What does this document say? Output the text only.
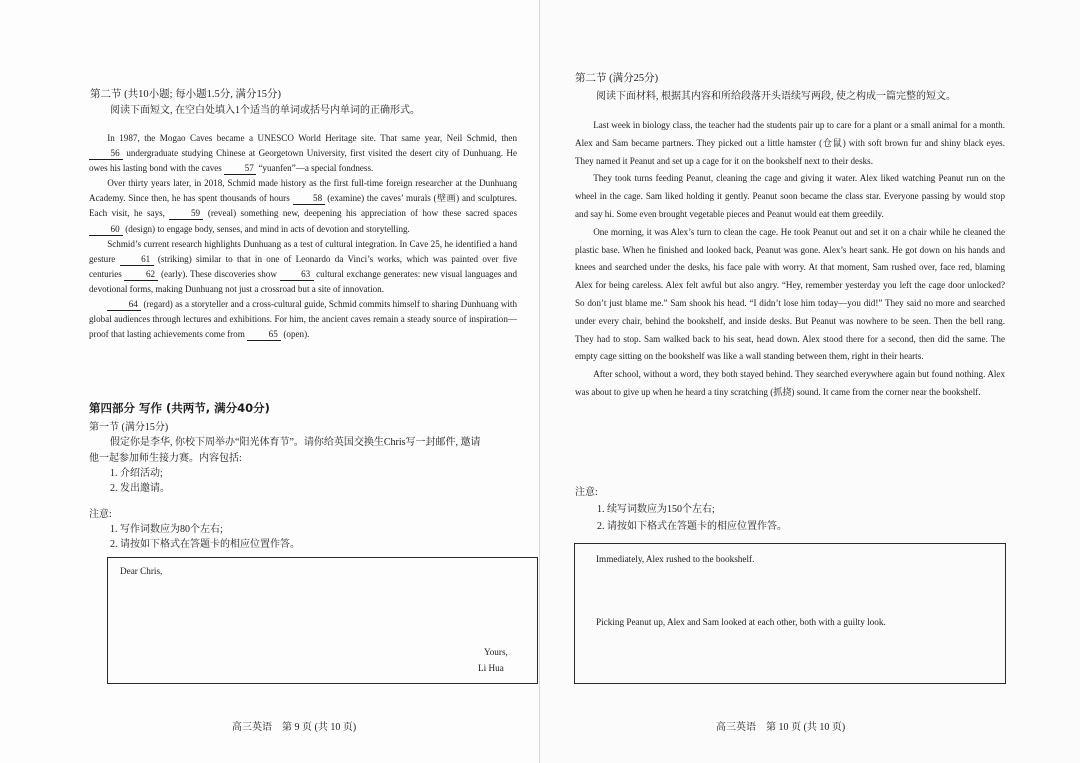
第二节 (共10小题; 每小题1.5分, 满分15分)
阅读下面短文, 在空白处填入1个适当的单词或括号内单词的正确形式。

In 1987, the Mogao Caves became a UNESCO World Heritage site. That same year, Neil Schmid, then 56 undergraduate studying Chinese at Georgetown University, first visited the desert city of Dunhuang. He owes his lasting bond with the caves 57 “yuanfen”—a special fondness.

Over thirty years later, in 2018, Schmid made history as the first full-time foreign researcher at the Dunhuang Academy. Since then, he has spent thousands of hours 58 (examine) the caves’ murals (壁画) and sculptures. Each visit, he says, 59 (reveal) something new, deepening his appreciation of how these sacred spaces 60 (design) to engage body, senses, and mind in acts of devotion and storytelling.

Schmid’s current research highlights Dunhuang as a test of cultural integration. In Cave 25, he identified a hand gesture 61 (striking) similar to that in one of Leonardo da Vinci’s works, which was painted over five centuries 62 (early). These discoveries show 63 cultural exchange generates: new visual languages and devotional forms, making Dunhuang not just a crossroad but a site of innovation.

64 (regard) as a storyteller and a cross-cultural guide, Schmid commits himself to sharing Dunhuang with global audiences through lectures and exhibitions. For him, the ancient caves remain a steady source of inspiration—proof that lasting achievements come from 65 (open).

第四部分 写作 (共两节, 满分40分)
第一节 (满分15分)
假定你是李华, 你校下周举办“阳光体育节”。请你给英国交换生Chris写一封邮件, 邀请
他一起参加师生接力赛。内容包括:
1. 介绍活动;
2. 发出邀请。
注意:
1. 写作词数应为80个左右;
2. 请按如下格式在答题卡的相应位置作答。
Dear Chris,
Yours,
Li Hua
高三英语　第 9 页 (共 10 页)
第二节 (满分25分)
阅读下面材料, 根据其内容和所给段落开头语续写两段, 使之构成一篇完整的短文。

Last week in biology class, the teacher had the students pair up to care for a plant or a small animal for a month. Alex and Sam became partners. They picked out a little hamster (仓鼠) with soft brown fur and shiny black eyes. They named it Peanut and set up a cage for it on the bookshelf next to their desks.

They took turns feeding Peanut, cleaning the cage and giving it water. Alex liked watching Peanut run on the wheel in the cage. Sam liked holding it gently. Peanut soon became the class star. Everyone passing by would stop and say hi. Some even brought vegetable pieces and Peanut would eat them greedily.

One morning, it was Alex’s turn to clean the cage. He took Peanut out and set it on a chair while he cleaned the plastic base. When he finished and looked back, Peanut was gone. Alex’s heart sank. He got down on his hands and knees and searched under the desks, his face pale with worry. At that moment, Sam rushed over, face red, blaming Alex for being careless. Alex felt awful but also angry. “Hey, remember yesterday you left the cage door unlocked? So don’t just blame me.” Sam shook his head. “I didn’t lose him today—you did!” They said no more and searched under every chair, behind the bookshelf, and inside desks. But Peanut was nowhere to be seen. Then the bell rang. They had to stop. Sam walked back to his seat, head down. Alex stood there for a second, then did the same. The empty cage sitting on the bookshelf was like a wall standing between them, right in their hearts.

After school, without a word, they both stayed behind. They searched everywhere again but found nothing. Alex was about to give up when he heard a tiny scratching (抓挠) sound. It came from the corner near the bookshelf.

注意:
1. 续写词数应为150个左右;
2. 请按如下格式在答题卡的相应位置作答。
Immediately, Alex rushed to the bookshelf.
Picking Peanut up, Alex and Sam looked at each other, both with a guilty look.
高三英语　第 10 页 (共 10 页)
